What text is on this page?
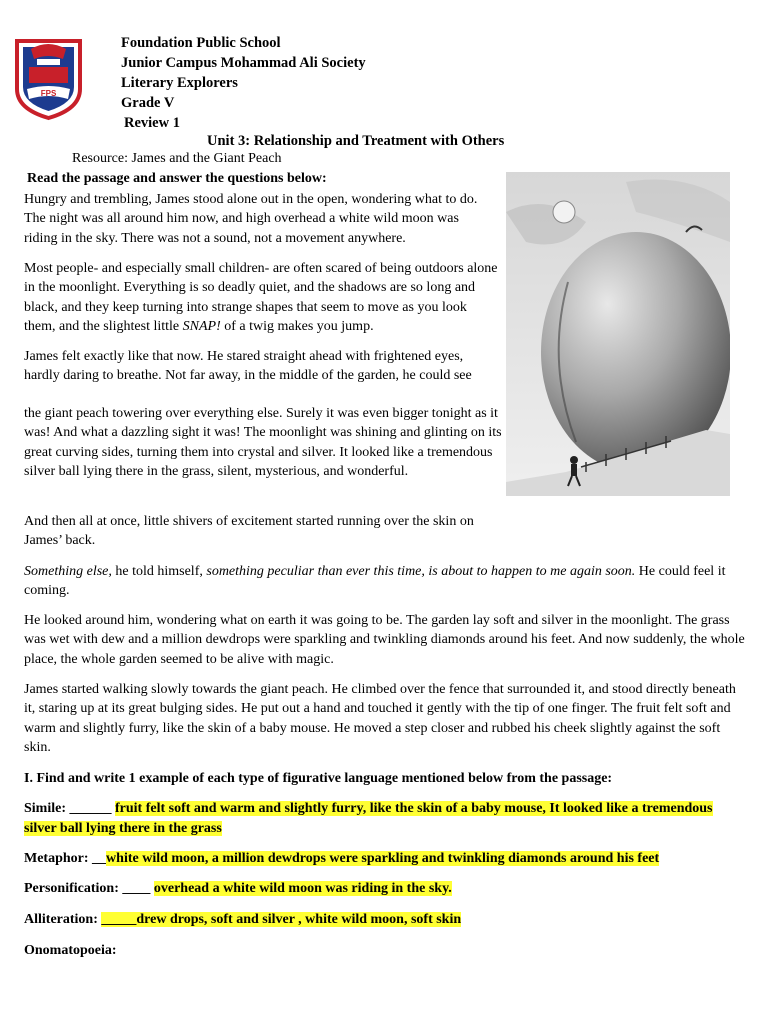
FPS
Foundation Public School
Junior Campus Mohammad Ali Society
Literary Explorers
Grade V
Review 1
Unit 3: Relationship and Treatment with Others
Resource: James and the Giant Peach
Read the passage and answer the questions below:

Hungry and trembling, James stood alone out in the open, wondering what to do. The night was all around him now, and high overhead a white wild moon was riding in the sky. There was not a sound, not a movement anywhere.

Most people- and especially small children- are often scared of being outdoors alone in the moonlight. Everything is so deadly quiet, and the shadows are so long and black, and they keep turning into strange shapes that seem to move as you look them, and the slightest little SNAP! of a twig makes you jump.

James felt exactly like that now. He stared straight ahead with frightened eyes, hardly daring to breathe. Not far away, in the middle of the garden, he could see

the giant peach towering over everything else. Surely it was even bigger tonight as it was! And what a dazzling sight it was! The moonlight was shining and glinting on its great curving sides, turning them into crystal and silver. It looked like a tremendous silver ball lying there in the grass, silent, mysterious, and wonderful.

And then all at once, little shivers of excitement started running over the skin on James’ back.

Something else, he told himself, something peculiar than ever this time, is about to happen to me again soon. He could feel it coming.

He looked around him, wondering what on earth it was going to be. The garden lay soft and silver in the moonlight. The grass was wet with dew and a million dewdrops were sparkling and twinkling diamonds around his feet. And now suddenly, the whole place, the whole garden seemed to be alive with magic.

James started walking slowly towards the giant peach. He climbed over the fence that surrounded it, and stood directly beneath it, staring up at its great bulging sides. He put out a hand and touched it gently with the tip of one finger. The fruit felt soft and warm and slightly furry, like the skin of a baby mouse. He moved a step closer and rubbed his cheek slightly against the soft skin.

I. Find and write 1 example of each type of figurative language mentioned below from the passage:

Simile: ______ fruit felt soft and warm and slightly furry, like the skin of a baby mouse, It looked like a tremendous silver ball lying there in the grass

Metaphor: __white wild moon, a million dewdrops were sparkling and twinkling diamonds around his feet

Personification: ____ overhead a white wild moon was riding in the sky.

Alliteration: _____drew drops, soft and silver , white wild moon, soft skin

Onomatopoeia:
